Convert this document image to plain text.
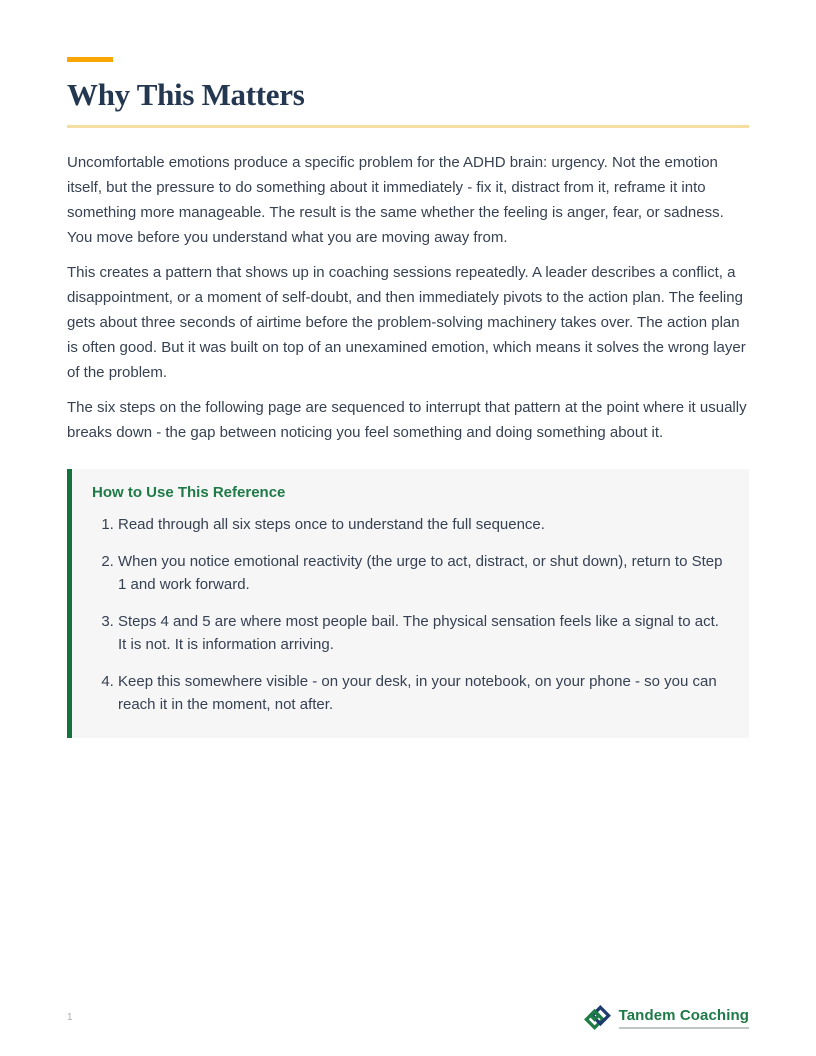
Why This Matters

Uncomfortable emotions produce a specific problem for the ADHD brain: urgency. Not the emotion itself, but the pressure to do something about it immediately - fix it, distract from it, reframe it into something more manageable. The result is the same whether the feeling is anger, fear, or sadness. You move before you understand what you are moving away from.

This creates a pattern that shows up in coaching sessions repeatedly. A leader describes a conflict, a disappointment, or a moment of self-doubt, and then immediately pivots to the action plan. The feeling gets about three seconds of airtime before the problem-solving machinery takes over. The action plan is often good. But it was built on top of an unexamined emotion, which means it solves the wrong layer of the problem.

The six steps on the following page are sequenced to interrupt that pattern at the point where it usually breaks down - the gap between noticing you feel something and doing something about it.

How to Use This Reference
1. Read through all six steps once to understand the full sequence.
2. When you notice emotional reactivity (the urge to act, distract, or shut down), return to Step 1 and work forward.
3. Steps 4 and 5 are where most people bail. The physical sensation feels like a signal to act. It is not. It is information arriving.
4. Keep this somewhere visible - on your desk, in your notebook, on your phone - so you can reach it in the moment, not after.
1	Tandem Coaching
